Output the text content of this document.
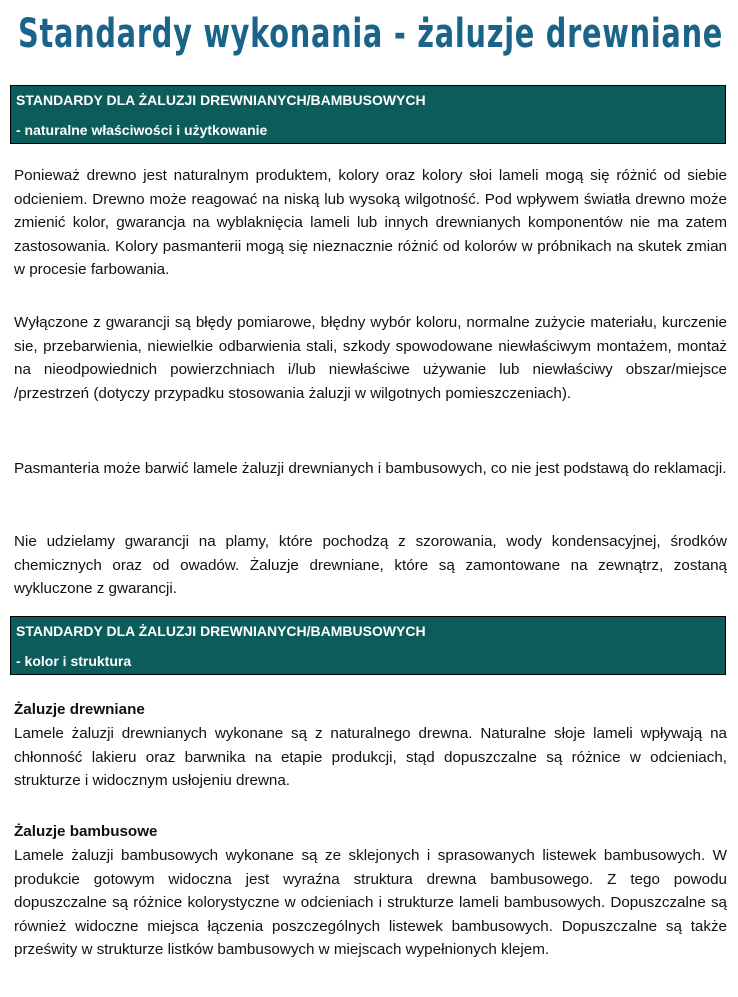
Standardy wykonania - żaluzje drewniane
STANDARDY DLA ŻALUZJI DREWNIANYCH/BAMBUSOWYCH
- naturalne właściwości i użytkowanie

Ponieważ drewno jest naturalnym produktem, kolory oraz kolory słoi lameli mogą się różnić od siebie odcieniem. Drewno może reagować na niską lub wysoką wilgotność. Pod wpływem światła drewno może zmienić kolor, gwarancja na wyblaknięcia lameli lub innych drewnianych komponentów nie ma zatem zastosowania. Kolory pasmanterii mogą się nieznacznie różnić od kolorów w próbnikach na skutek zmian w procesie farbowania.

Wyłączone z gwarancji są błędy pomiarowe, błędny wybór koloru, normalne zużycie materiału, kurczenie sie, przebarwienia, niewielkie odbarwienia stali, szkody spowodowane niewłaściwym montażem, montaż na nieodpowiednich powierzchniach i/lub niewłaściwe używanie lub niewłaściwy obszar/miejsce /przestrzeń (dotyczy przypadku stosowania żaluzji w wilgotnych pomieszczeniach).

Pasmanteria może barwić lamele żaluzji drewnianych i bambusowych, co nie jest podstawą do reklamacji.

Nie udzielamy gwarancji na plamy, które pochodzą z szorowania, wody kondensacyjnej, środków chemicznych oraz od owadów. Żaluzje drewniane, które są zamontowane na zewnątrz, zostaną wykluczone z gwarancji.

STANDARDY DLA ŻALUZJI DREWNIANYCH/BAMBUSOWYCH
- kolor i struktura
Żaluzje drewniane

Lamele żaluzji drewnianych wykonane są z naturalnego drewna. Naturalne słoje lameli wpływają na chłonność lakieru oraz barwnika na etapie produkcji, stąd dopuszczalne są różnice w odcieniach, strukturze i widocznym usłojeniu drewna.

Żaluzje bambusowe

Lamele żaluzji bambusowych wykonane są ze sklejonych i sprasowanych listewek bambusowych. W produkcie gotowym widoczna jest wyraźna struktura drewna bambusowego. Z tego powodu dopuszczalne są różnice kolorystyczne w odcieniach i strukturze lameli bambusowych. Dopuszczalne są również widoczne miejsca łączenia poszczególnych listewek bambusowych. Dopuszczalne są także prześwity w strukturze listków bambusowych w miejscach wypełnionych klejem.
